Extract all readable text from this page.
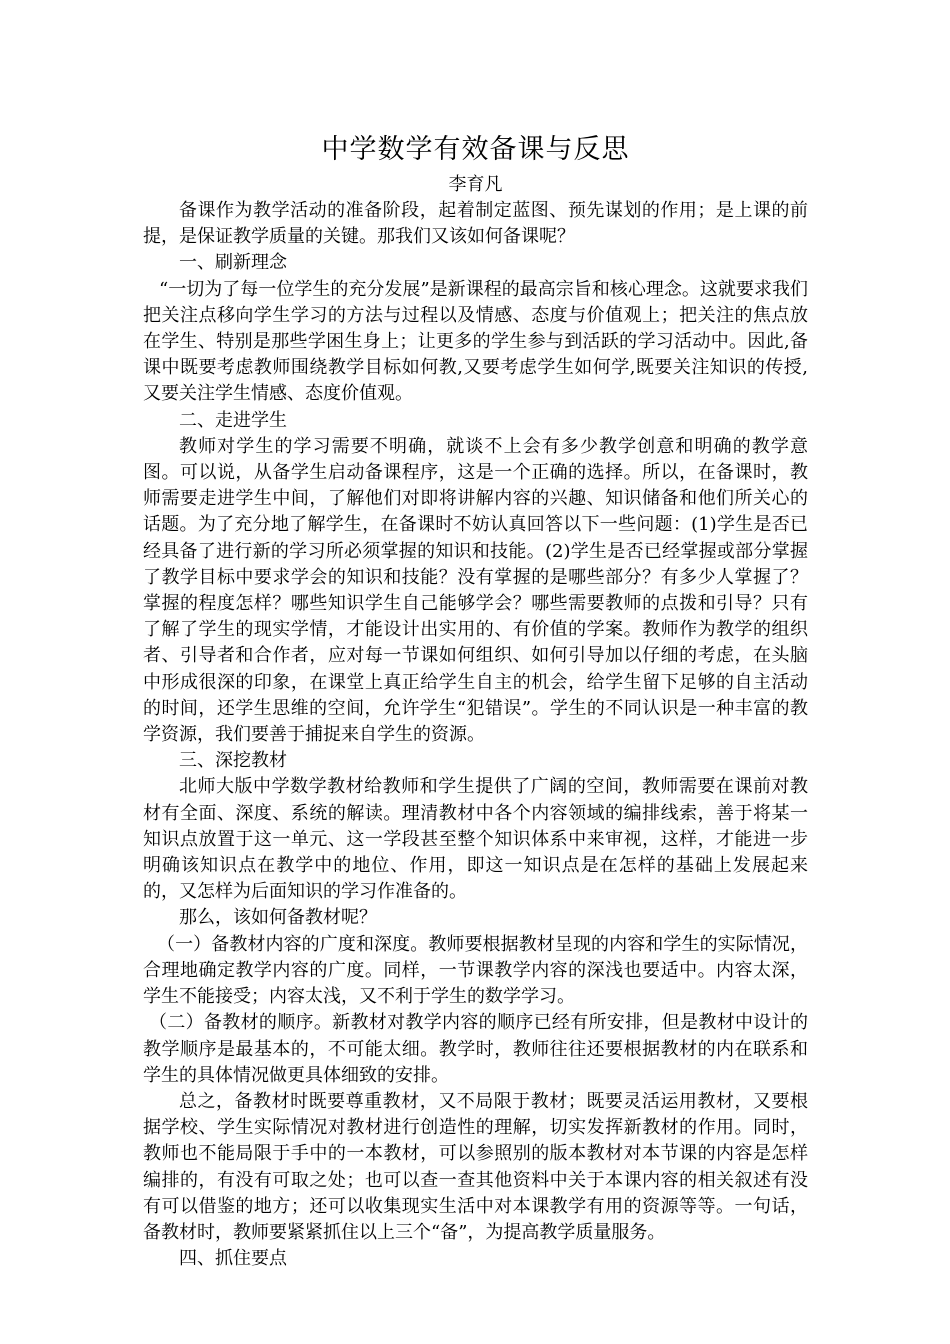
中学数学有效备课与反思
李育凡

备课作为教学活动的准备阶段，起着制定蓝图、预先谋划的作用；是上课的前提，是保证教学质量的关键。那我们又该如何备课呢？

一、刷新理念

“一切为了每一位学生的充分发展”是新课程的最高宗旨和核心理念。这就要求我们把关注点移向学生学习的方法与过程以及情感、态度与价值观上；把关注的焦点放在学生、特别是那些学困生身上；让更多的学生参与到活跃的学习活动中。因此,备课中既要考虑教师围绕教学目标如何教,又要考虑学生如何学,既要关注知识的传授,又要关注学生情感、态度价值观。

二、走进学生

教师对学生的学习需要不明确，就谈不上会有多少教学创意和明确的教学意图。可以说，从备学生启动备课程序，这是一个正确的选择。所以，在备课时，教师需要走进学生中间，了解他们对即将讲解内容的兴趣、知识储备和他们所关心的话题。为了充分地了解学生，在备课时不妨认真回答以下一些问题：(1)学生是否已经具备了进行新的学习所必须掌握的知识和技能。(2)学生是否已经掌握或部分掌握了教学目标中要求学会的知识和技能？没有掌握的是哪些部分？有多少人掌握了？掌握的程度怎样？哪些知识学生自己能够学会？哪些需要教师的点拨和引导？只有了解了学生的现实学情，才能设计出实用的、有价值的学案。教师作为教学的组织者、引导者和合作者，应对每一节课如何组织、如何引导加以仔细的考虑，在头脑中形成很深的印象，在课堂上真正给学生自主的机会，给学生留下足够的自主活动的时间，还学生思维的空间，允许学生“犯错误”。学生的不同认识是一种丰富的教学资源，我们要善于捕捉来自学生的资源。

三、深挖教材

北师大版中学数学教材给教师和学生提供了广阔的空间，教师需要在课前对教材有全面、深度、系统的解读。理清教材中各个内容领域的编排线索，善于将某一知识点放置于这一单元、这一学段甚至整个知识体系中来审视，这样，才能进一步明确该知识点在教学中的地位、作用，即这一知识点是在怎样的基础上发展起来的，又怎样为后面知识的学习作准备的。

那么，该如何备教材呢？

（一）备教材内容的广度和深度。教师要根据教材呈现的内容和学生的实际情况，合理地确定教学内容的广度。同样，一节课教学内容的深浅也要适中。内容太深，学生不能接受；内容太浅，又不利于学生的数学学习。

（二）备教材的顺序。新教材对教学内容的顺序已经有所安排，但是教材中设计的教学顺序是最基本的，不可能太细。教学时，教师往往还要根据教材的内在联系和学生的具体情况做更具体细致的安排。

总之，备教材时既要尊重教材，又不局限于教材；既要灵活运用教材，又要根据学校、学生实际情况对教材进行创造性的理解，切实发挥新教材的作用。同时，教师也不能局限于手中的一本教材，可以参照别的版本教材对本节课的内容是怎样编排的，有没有可取之处；也可以查一查其他资料中关于本课内容的相关叙述有没有可以借鉴的地方；还可以收集现实生活中对本课教学有用的资源等等。一句话，备教材时，教师要紧紧抓住以上三个“备”，为提高教学质量服务。

四、抓住要点
